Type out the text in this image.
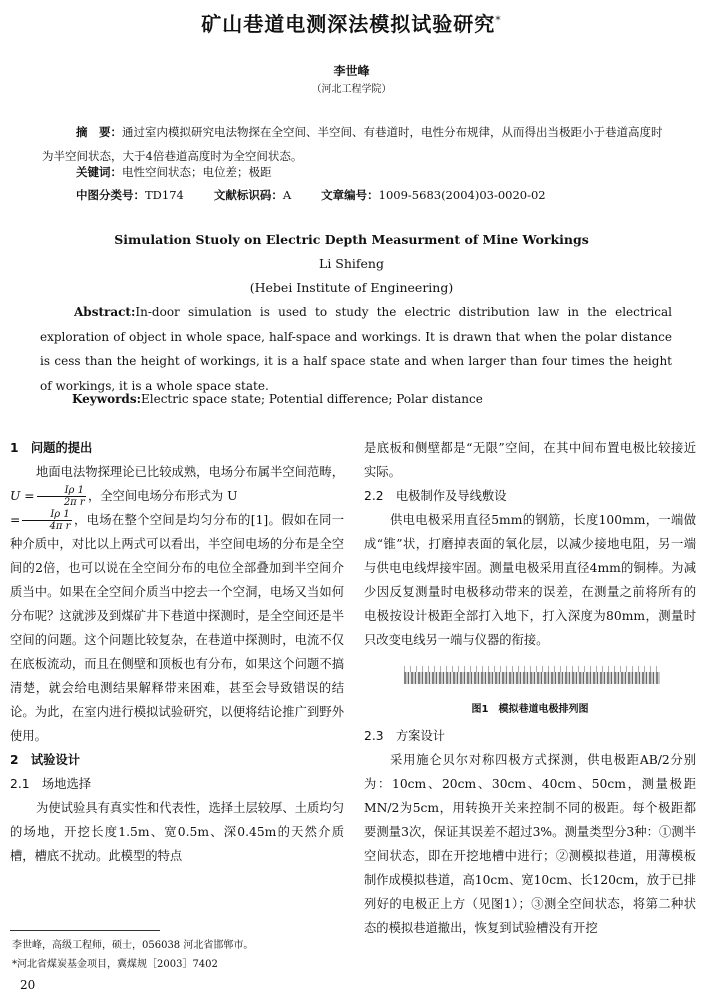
矿山巷道电测深法模拟试验研究*
李世峰
（河北工程学院）
摘　要：通过室内模拟研究电法物探在全空间、半空间、有巷道时，电性分布规律，从而得出当极距小于巷道高度时为半空间状态，大于4倍巷道高度时为全空间状态。
关键词：电性空间状态；电位差；极距
中图分类号：TD174	文献标识码：A	文章编号：1009-5683(2004)03-0020-02
Simulation Stuoly on Electric Depth Measurment of Mine Workings
Li Shifeng
(Hebei Institute of Engineering)
Abstract:In-door simulation is used to study the electric distribution law in the electrical exploration of object in whole space, half-space and workings. It is drawn that when the polar distance is cess than the height of workings, it is a half space state and when larger than four times the height of workings, it is a whole space state.
Keywords:Electric space state; Potential difference; Polar distance
1　问题的提出

地面电法物探理论已比较成熟，电场分布属半空间范畴，$U = \frac{I\rho 1}{\text{2π r}}$ ，全空间电场分布形式为 U
= $\frac{I\rho 1}{\text{4π r}}$ ，电场在整个空间是均匀分布的[1]。假如在同一种介质中，对比以上两式可以看出，半空间电场的分布是全空间的2倍，也可以说在全空间分布的电位全部叠加到半空间介质当中。如果在全空间介质当中挖去一个空洞，电场又当如何分布呢？这就涉及到煤矿井下巷道中探测时，是全空间还是半空间的问题。这个问题比较复杂，在巷道中探测时，电流不仅在底板流动，而且在侧壁和顶板也有分布，如果这个问题不搞清楚，就会给电测结果解释带来困难，甚至会导致错误的结论。为此，在室内进行模拟试验研究，以便将结论推广到野外使用。

2　试验设计
2.1　场地选择

为使试验具有真实性和代表性，选择土层较厚、土质均匀的场地，开挖长度1.5m、宽0.5m、深0.45m的天然介质槽，槽底不扰动。此模型的特点

是底板和侧壁都是“无限”空间，在其中间布置电极比较接近实际。

2.2　电极制作及导线敷设

供电电极采用直径5mm的钢筋，长度100mm，一端做成“锥”状，打磨掉表面的氧化层，以减少接地电阻，另一端与供电电线焊接牢固。测量电极采用直径4mm的铜棒。为减少因反复测量时电极移动带来的误差，在测量之前将所有的电极按设计极距全部打入地下，打入深度为80mm，测量时只改变电线另一端与仪器的衔接。

图1　模拟巷道电极排列图
2.3　方案设计

采用施仑贝尔对称四极方式探测，供电极距AB/2分别为：10cm、20cm、30cm、40cm、50cm，测量极距MN/2为5cm，用转换开关来控制不同的极距。每个极距都要测量3次，保证其误差不超过3%。测量类型分3种：①测半空间状态，即在开挖地槽中进行；②测模拟巷道，用薄模板制作成模拟巷道，高10cm、宽10cm、长120cm，放于已排列好的电极正上方（见图1）；③测全空间状态，将第二种状态的模拟巷道撤出，恢复到试验槽没有开挖

李世峰，高级工程师，硕士，056038 河北省邯郸市。
*河北省煤炭基金项目，冀煤规［2003］7402
20
